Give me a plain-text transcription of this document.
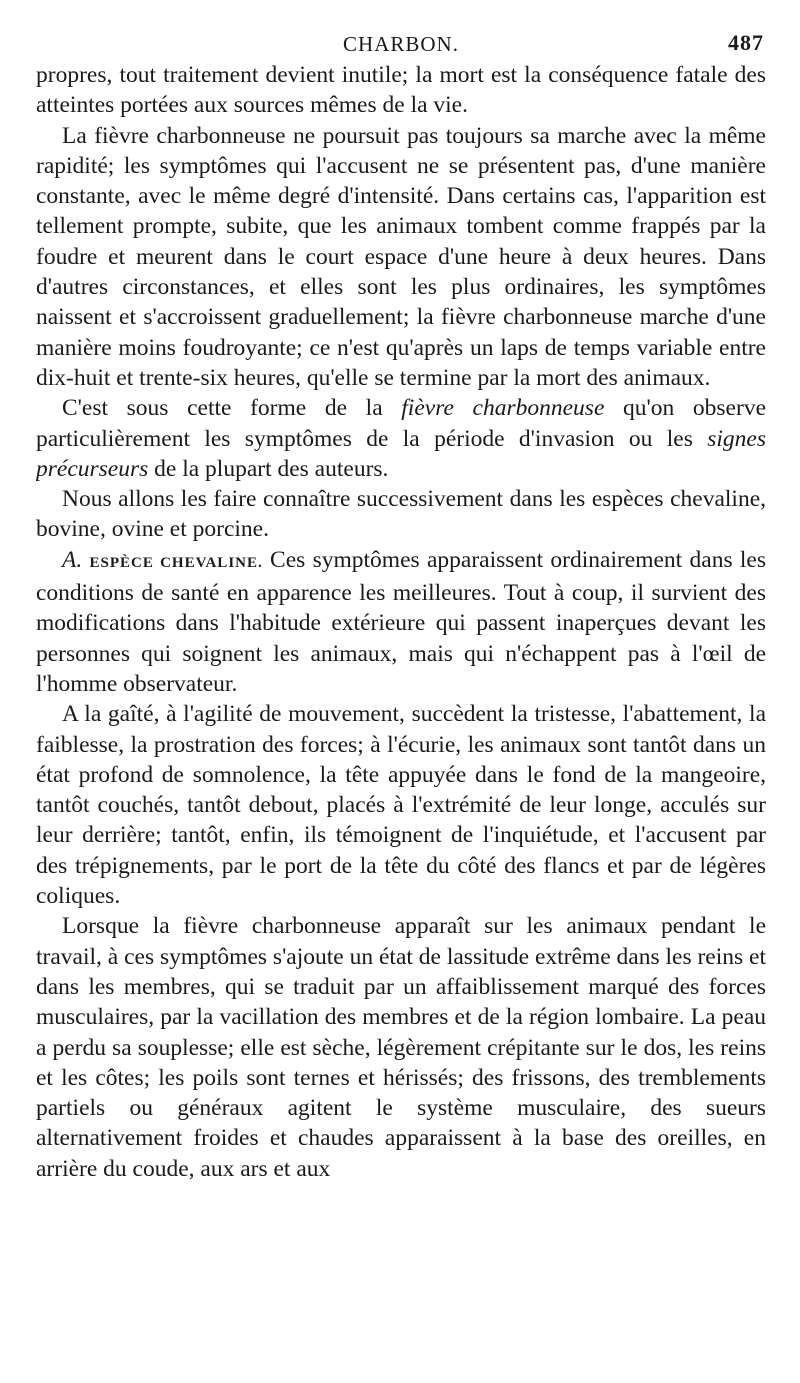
CHARBON.	487

propres, tout traitement devient inutile; la mort est la conséquence fatale des atteintes portées aux sources mêmes de la vie.

La fièvre charbonneuse ne poursuit pas toujours sa marche avec la même rapidité; les symptômes qui l'accusent ne se présentent pas, d'une manière constante, avec le même degré d'intensité. Dans certains cas, l'apparition est tellement prompte, subite, que les animaux tombent comme frappés par la foudre et meurent dans le court espace d'une heure à deux heures. Dans d'autres circonstances, et elles sont les plus ordinaires, les symptômes naissent et s'accroissent graduellement; la fièvre charbonneuse marche d'une manière moins foudroyante; ce n'est qu'après un laps de temps variable entre dix-huit et trente-six heures, qu'elle se termine par la mort des animaux.

C'est sous cette forme de la fièvre charbonneuse qu'on observe particulièrement les symptômes de la période d'invasion ou les signes précurseurs de la plupart des auteurs.

Nous allons les faire connaître successivement dans les espèces chevaline, bovine, ovine et porcine.

A. ESPÈCE CHEVALINE. Ces symptômes apparaissent ordinairement dans les conditions de santé en apparence les meilleures. Tout à coup, il survient des modifications dans l'habitude extérieure qui passent inaperçues devant les personnes qui soignent les animaux, mais qui n'échappent pas à l'œil de l'homme observateur.

A la gaîté, à l'agilité de mouvement, succèdent la tristesse, l'abattement, la faiblesse, la prostration des forces; à l'écurie, les animaux sont tantôt dans un état profond de somnolence, la tête appuyée dans le fond de la mangeoire, tantôt couchés, tantôt debout, placés à l'extrémité de leur longe, acculés sur leur derrière; tantôt, enfin, ils témoignent de l'inquiétude, et l'accusent par des trépignements, par le port de la tête du côté des flancs et par de légères coliques.

Lorsque la fièvre charbonneuse apparaît sur les animaux pendant le travail, à ces symptômes s'ajoute un état de lassitude extrême dans les reins et dans les membres, qui se traduit par un affaiblissement marqué des forces musculaires, par la vacillation des membres et de la région lombaire. La peau a perdu sa souplesse; elle est sèche, légèrement crépitante sur le dos, les reins et les côtes; les poils sont ternes et hérissés; des frissons, des tremblements partiels ou généraux agitent le système musculaire, des sueurs alternativement froides et chaudes apparaissent à la base des oreilles, en arrière du coude, aux ars et aux
